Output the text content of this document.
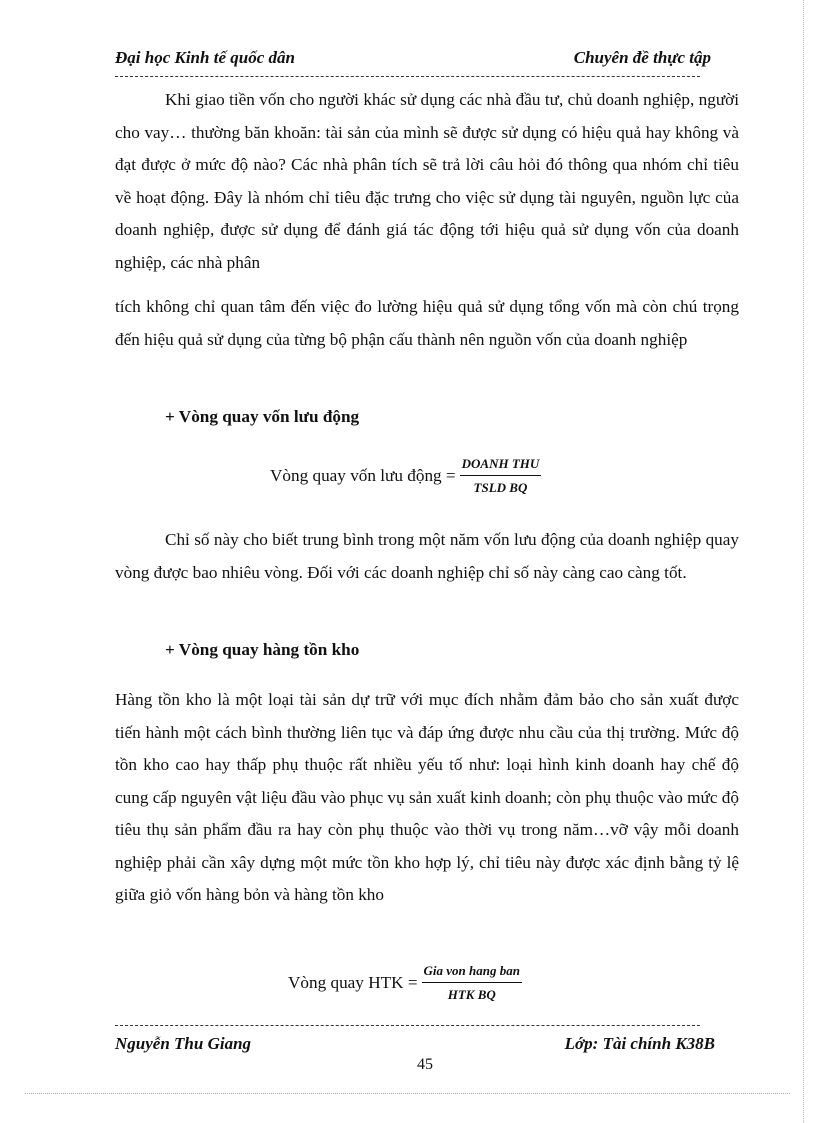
Đại học Kinh tế quốc dân	Chuyên đề thực tập

Khi giao tiền vốn cho người khác sử dụng các nhà đầu tư, chủ doanh nghiệp, người cho vay… thường băn khoăn: tài sản của mình sẽ được sử dụng có hiệu quả hay không và đạt được ở mức độ nào? Các nhà phân tích sẽ trả lời câu hỏi đó thông qua nhóm chỉ tiêu về hoạt động. Đây là nhóm chỉ tiêu đặc trưng cho việc sử dụng tài nguyên, nguồn lực của doanh nghiệp, được sử dụng để đánh giá tác động tới hiệu quả sử dụng vốn của doanh nghiệp, các nhà phân

tích không chỉ quan tâm đến việc đo lường hiệu quả sử dụng tổng vốn mà còn chú trọng đến hiệu quả sử dụng của từng bộ phận cấu thành nên nguồn vốn của doanh nghiệp

+ Vòng quay vốn lưu động
Vòng quay vốn lưu động = $\frac{\text{DOANH THU}}{\text{TSLD BQ}}$

Chỉ số này cho biết trung bình trong một năm vốn lưu động của doanh nghiệp quay vòng được bao nhiêu vòng. Đối với các doanh nghiệp chỉ số này càng cao càng tốt.

+ Vòng quay hàng tồn kho

Hàng tồn kho là một loại tài sản dự trữ với mục đích nhằm đảm bảo cho sản xuất được tiến hành một cách bình thường liên tục và đáp ứng được nhu cầu của thị trường. Mức độ tồn kho cao hay thấp phụ thuộc rất nhiều yếu tố như: loại hình kinh doanh hay chế độ cung cấp nguyên vật liệu đầu vào phục vụ sản xuất kinh doanh; còn phụ thuộc vào mức độ tiêu thụ sản phẩm đầu ra hay còn phụ thuộc vào thời vụ trong năm…vỡ vậy mỗi doanh nghiệp phải cần xây dựng một mức tồn kho hợp lý, chỉ tiêu này được xác định bằng tỷ lệ giữa giỏ vốn hàng bỏn và hàng tồn kho

Vòng quay HTK = $\frac{\text{Gia von hang ban}}{\text{HTK BQ}}$
Nguyễn Thu Giang	Lớp: Tài chính K38B
45
